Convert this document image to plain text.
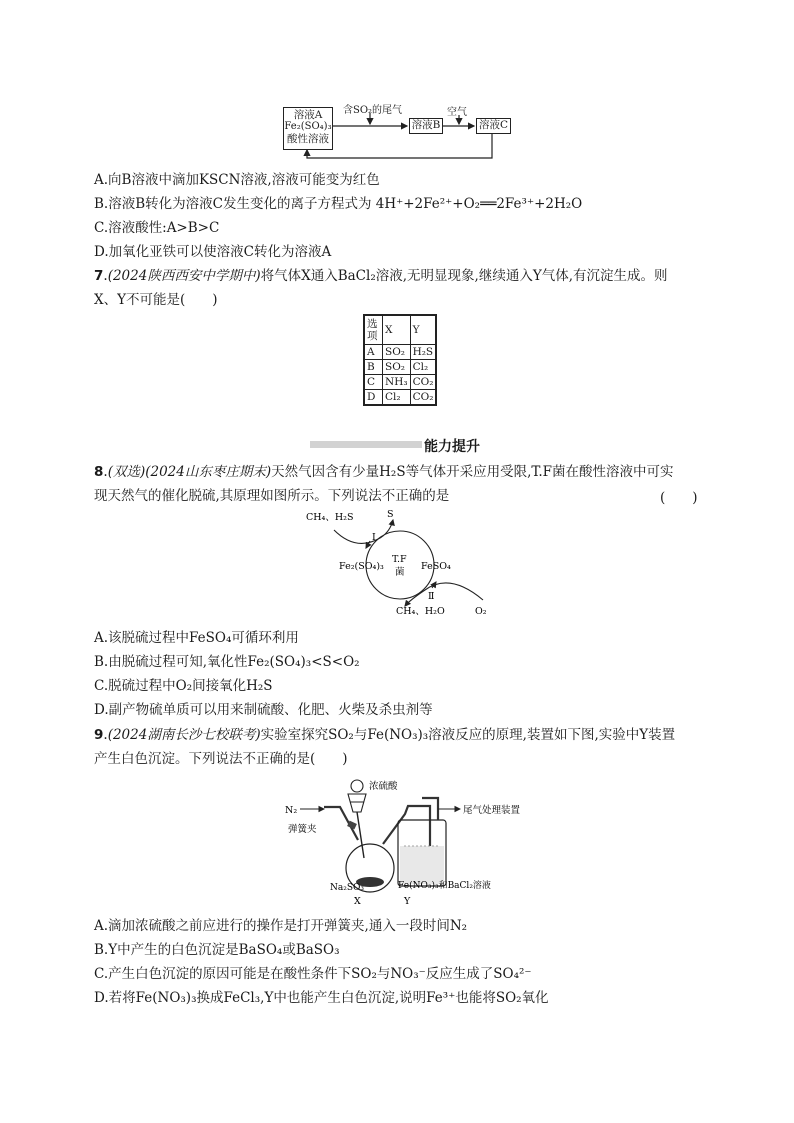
溶液A
Fe₂(SO₄)₃
酸性溶液
溶液B	溶液C
含SO₂的尾气	空气
A.向B溶液中滴加KSCN溶液,溶液可能变为红色
B.溶液B转化为溶液C发生变化的离子方程式为 4H⁺+2Fe²⁺+O₂══2Fe³⁺+2H₂O
C.溶液酸性:A>B>C
D.加氧化亚铁可以使溶液C转化为溶液A
7.(2024陕西西安中学期中)将气体X通入BaCl₂溶液,无明显现象,继续通入Y气体,有沉淀生成。则
X、Y不可能是(　　)
选项	X	Y
A	SO₂	H₂S
B	SO₂	Cl₂
C	NH₃	CO₂
D	Cl₂	CO₂
能力提升
8.(双选)(2024山东枣庄期末)天然气因含有少量H₂S等气体开采应用受限,T.F菌在酸性溶液中可实
现天然气的催化脱硫,其原理如图所示。下列说法不正确的是	(　　)
CH₄、H₂S	S
Ⅰ
T.F
菌
Fe₂(SO₄)₃	FeSO₄
Ⅱ
CH₄、H₂O	O₂
A.该脱硫过程中FeSO₄可循环利用
B.由脱硫过程可知,氧化性Fe₂(SO₄)₃<S<O₂
C.脱硫过程中O₂间接氧化H₂S
D.副产物硫单质可以用来制硫酸、化肥、火柴及杀虫剂等
9.(2024湖南长沙七校联考)实验室探究SO₂与Fe(NO₃)₃溶液反应的原理,装置如下图,实验中Y装置
产生白色沉淀。下列说法不正确的是(　　)
N₂
弹簧夹
浓硫酸
尾气处理装置
Na₂SO₃
X
Fe(NO₃)₃和BaCl₂溶液
Y
A.滴加浓硫酸之前应进行的操作是打开弹簧夹,通入一段时间N₂
B.Y中产生的白色沉淀是BaSO₄或BaSO₃
C.产生白色沉淀的原因可能是在酸性条件下SO₂与NO₃⁻反应生成了SO₄²⁻
D.若将Fe(NO₃)₃换成FeCl₃,Y中也能产生白色沉淀,说明Fe³⁺也能将SO₂氧化
